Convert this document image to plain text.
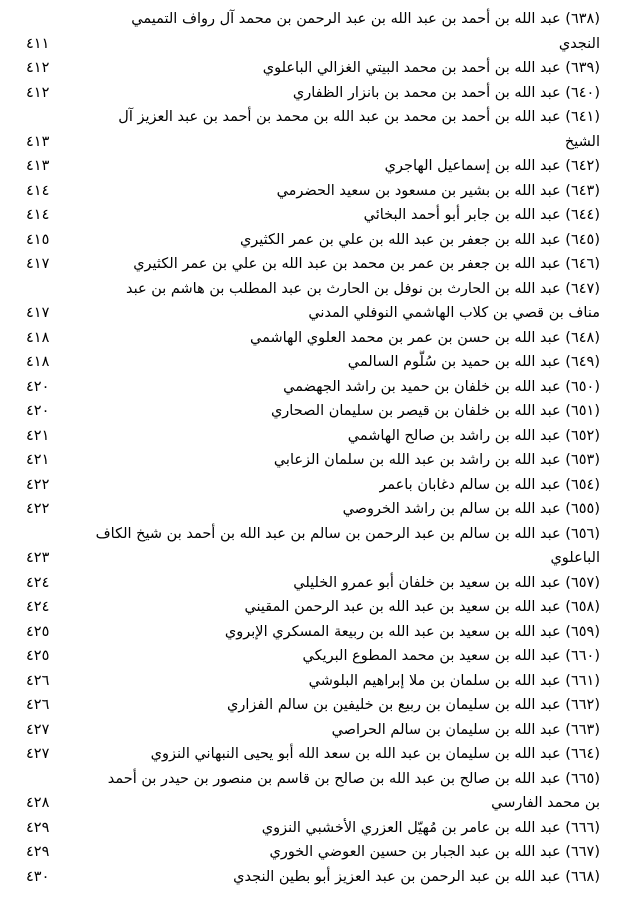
(٦٣٨) عبد الله بن أحمد بن عبد الله بن عبد الرحمن بن محمد آل رواف التميمي
النجدي
٤١١
(٦٣٩) عبد الله بن أحمد بن محمد البيتي الغزالي الباعلوي
٤١٢
(٦٤٠) عبد الله بن أحمد بن محمد بن بانزار الظفاري
٤١٢
(٦٤١) عبد الله بن أحمد بن محمد بن عبد الله بن محمد بن أحمد بن عبد العزيز آل
الشيخ
٤١٣
(٦٤٢) عبد الله بن إسماعيل الهاجري
٤١٣
(٦٤٣) عبد الله بن بشير بن مسعود بن سعيد الحضرمي
٤١٤
(٦٤٤) عبد الله بن جابر أبو أحمد البخائي
٤١٤
(٦٤٥) عبد الله بن جعفر بن عبد الله بن علي بن عمر الكثيري
٤١٥
(٦٤٦) عبد الله بن جعفر بن عمر بن محمد بن عبد الله بن علي بن عمر الكثيري
٤١٧
(٦٤٧) عبد الله بن الحارث بن نوفل بن الحارث بن عبد المطلب بن هاشم بن عبد
مناف بن قصي بن كلاب الهاشمي النوفلي المدني
٤١٧
(٦٤٨) عبد الله بن حسن بن عمر بن محمد العلوي الهاشمي
٤١٨
(٦٤٩) عبد الله بن حميد بن سُلُّوم السالمي
٤١٨
(٦٥٠) عبد الله بن خلفان بن حميد بن راشد الجهضمي
٤٢٠
(٦٥١) عبد الله بن خلفان بن قيصر بن سليمان الصحاري
٤٢٠
(٦٥٢) عبد الله بن راشد بن صالح الهاشمي
٤٢١
(٦٥٣) عبد الله بن راشد بن عبد الله بن سلمان الزعابي
٤٢١
(٦٥٤) عبد الله بن سالم دغابان باعمر
٤٢٢
(٦٥٥) عبد الله بن سالم بن راشد الخروصي
٤٢٢
(٦٥٦) عبد الله بن سالم بن عبد الرحمن بن سالم بن عبد الله بن أحمد بن شيخ الكاف
الباعلوي
٤٢٣
(٦٥٧) عبد الله بن سعيد بن خلفان أبو عمرو الخليلي
٤٢٤
(٦٥٨) عبد الله بن سعيد بن عبد الله بن عبد الرحمن المقيني
٤٢٤
(٦٥٩) عبد الله بن سعيد بن عبد الله بن ربيعة المسكري الإبروي
٤٢٥
(٦٦٠) عبد الله بن سعيد بن محمد المطوع البريكي
٤٢٥
(٦٦١) عبد الله بن سلمان بن ملا إبراهيم البلوشي
٤٢٦
(٦٦٢) عبد الله بن سليمان بن ربيع بن خليفين بن سالم الفزاري
٤٢٦
(٦٦٣) عبد الله بن سليمان بن سالم الحراصي
٤٢٧
(٦٦٤) عبد الله بن سليمان بن عبد الله بن سعد الله أبو يحيى النبهاني النزوي
٤٢٧
(٦٦٥) عبد الله بن صالح بن عبد الله بن صالح بن قاسم بن منصور بن حيدر بن أحمد
بن محمد الفارسي
٤٢٨
(٦٦٦) عبد الله بن عامر بن مُهيّل العزري الأخشبي النزوي
٤٢٩
(٦٦٧) عبد الله بن عبد الجبار بن حسين العوضي الخوري
٤٢٩
(٦٦٨) عبد الله بن عبد الرحمن بن عبد العزيز أبو بطين النجدي
٤٣٠
